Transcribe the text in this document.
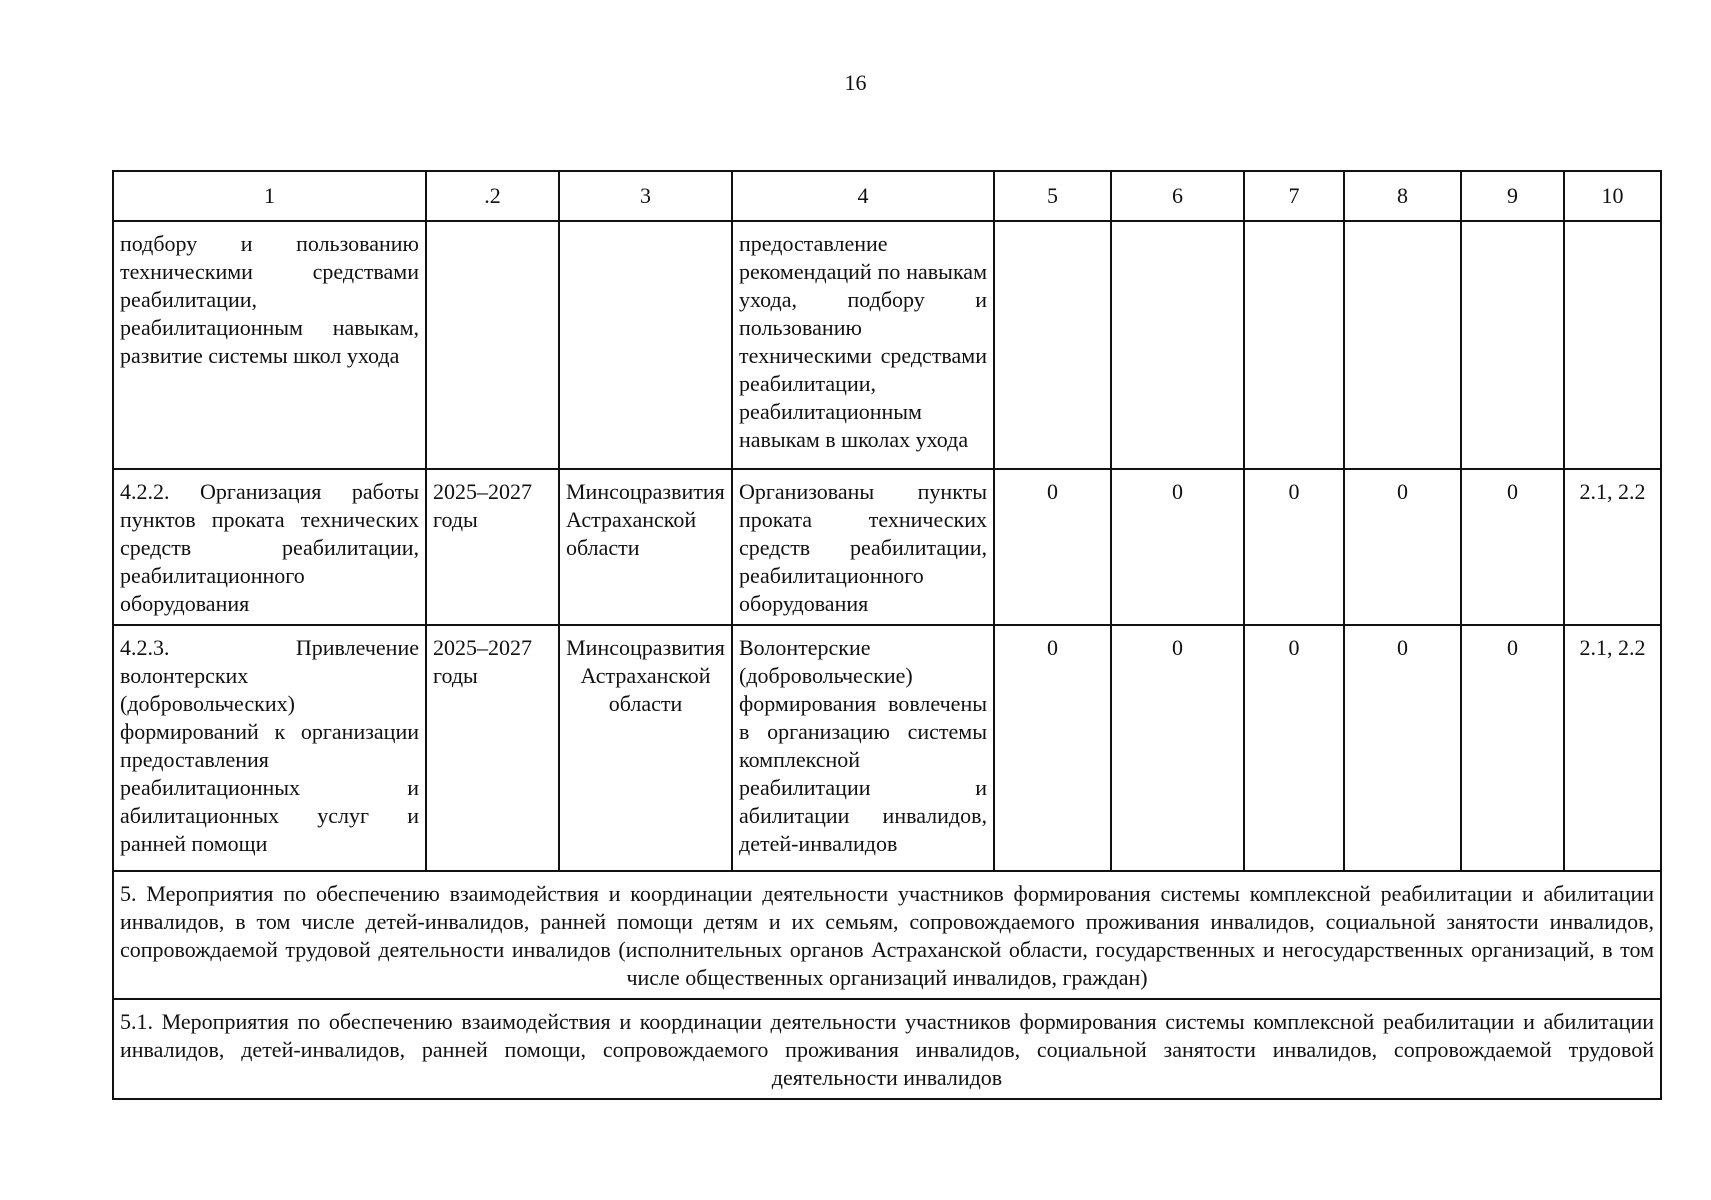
16
1	.2	3	4	5	6	7	8	9	10
подбору и пользованию техническими средствами реабилитации, реабилитационным навыкам, развитие системы школ ухода			предоставление рекомендаций по навыкам ухода, подбору и пользованию техническими средствами реабилитации, реабилитационным навыкам в школах ухода						
4.2.2. Организация работы пунктов проката технических средств реабилитации, реабилитационного оборудования	2025–2027 годы	Минсоцразвития Астраханской области	Организованы пункты проката технических средств реабилитации, реабилитационного оборудования	0	0	0	0	0	2.1, 2.2
4.2.3. Привлечение волонтерских (добровольческих) формирований к организации предоставления реабилитационных и абилитационных услуг и ранней помощи	2025–2027 годы	Минсоцразвития Астраханской области	Волонтерские (добровольческие) формирования вовлечены в организацию системы комплексной реабилитации и абилитации инвалидов, детей-инвалидов	0	0	0	0	0	2.1, 2.2
5. Мероприятия по обеспечению взаимодействия и координации деятельности участников формирования системы комплексной реабилитации и абилитации инвалидов, в том числе детей-инвалидов, ранней помощи детям и их семьям, сопровождаемого проживания инвалидов, социальной занятости инвалидов, сопровождаемой трудовой деятельности инвалидов (исполнительных органов Астраханской области, государственных и негосударственных организаций, в том числе общественных организаций инвалидов, граждан)									
5.1. Мероприятия по обеспечению взаимодействия и координации деятельности участников формирования системы комплексной реабилитации и абилитации инвалидов, детей-инвалидов, ранней помощи, сопровождаемого проживания инвалидов, социальной занятости инвалидов, сопровождаемой трудовой деятельности инвалидов									
